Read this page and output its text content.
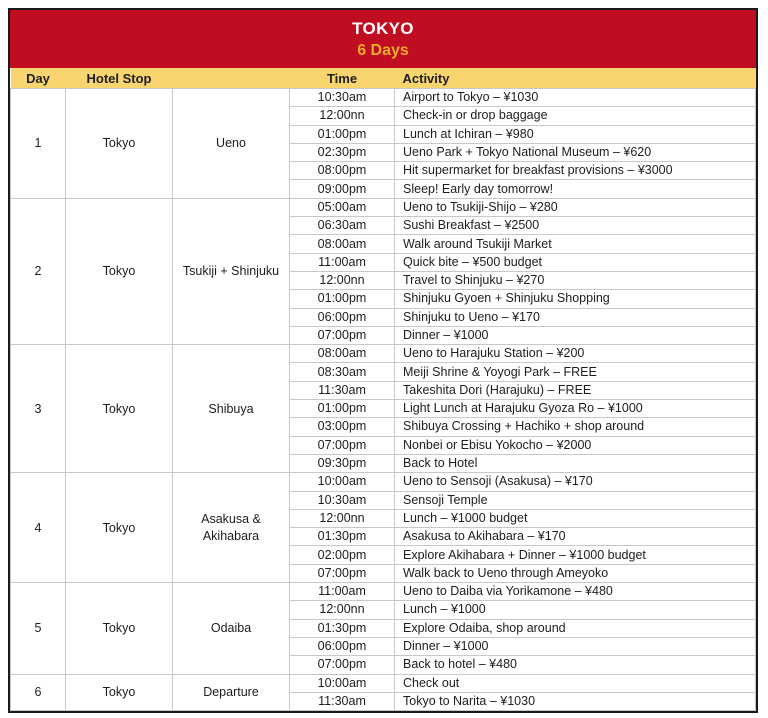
TOKYO
6 Days
Day	Hotel Stop		Time	Activity
1	Tokyo	Ueno	10:30am	Airport to Tokyo – ¥1030
			12:00nn	Check-in or drop baggage
			01:00pm	Lunch at Ichiran – ¥980
			02:30pm	Ueno Park + Tokyo National Museum – ¥620
			08:00pm	Hit supermarket for breakfast provisions – ¥3000
			09:00pm	Sleep! Early day tomorrow!
2	Tokyo	Tsukiji + Shinjuku	05:00am	Ueno to Tsukiji-Shijo – ¥280
			06:30am	Sushi Breakfast – ¥2500
			08:00am	Walk around Tsukiji Market
			11:00am	Quick bite – ¥500 budget
			12:00nn	Travel to Shinjuku – ¥270
			01:00pm	Shinjuku Gyoen + Shinjuku Shopping
			06:00pm	Shinjuku to Ueno – ¥170
			07:00pm	Dinner – ¥1000
3	Tokyo	Shibuya	08:00am	Ueno to Harajuku Station – ¥200
			08:30am	Meiji Shrine & Yoyogi Park – FREE
			11:30am	Takeshita Dori (Harajuku) – FREE
			01:00pm	Light Lunch at Harajuku Gyoza Ro – ¥1000
			03:00pm	Shibuya Crossing + Hachiko + shop around
			07:00pm	Nonbei or Ebisu Yokocho – ¥2000
			09:30pm	Back to Hotel
4	Tokyo	Asakusa & Akihabara	10:00am	Ueno to Sensoji (Asakusa) – ¥170
			10:30am	Sensoji Temple
			12:00nn	Lunch – ¥1000 budget
			01:30pm	Asakusa to Akihabara – ¥170
			02:00pm	Explore Akihabara + Dinner – ¥1000 budget
			07:00pm	Walk back to Ueno through Ameyoko
5	Tokyo	Odaiba	11:00am	Ueno to Daiba via Yorikamone – ¥480
			12:00nn	Lunch – ¥1000
			01:30pm	Explore Odaiba, shop around
			06:00pm	Dinner – ¥1000
			07:00pm	Back to hotel – ¥480
6	Tokyo	Departure	10:00am	Check out
			11:30am	Tokyo to Narita – ¥1030
